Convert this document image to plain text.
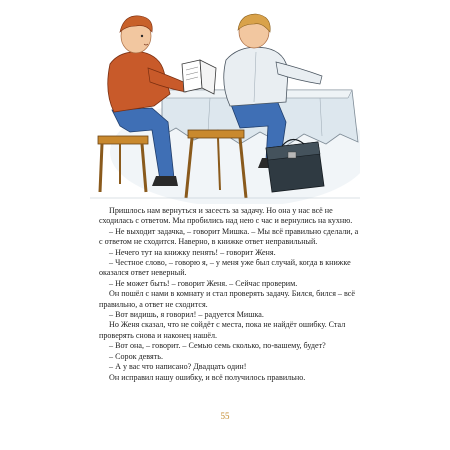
Пришлось нам вернуться и засесть за задачу. Но она у нас всё не сходилась с ответом. Мы пробились над нею с час и вернулись на кухню.

– Не выходит задачка, – говорит Мишка. – Мы всё правильно сделали, а с ответом не сходится. Наверно, в книжке ответ неправильный.

– Нечего тут на книжку пенять! – говорит Женя.

– Честное слово, – говорю я, – у меня уже был случай, когда в книжке оказался ответ неверный.

– Не может быть! – говорит Женя. – Сейчас проверим.

Он пошёл с нами в комнату и стал проверять задачу. Бился, бился – всё правильно, а ответ не сходится.

– Вот видишь, я говорил! – радуется Мишка.

Но Женя сказал, что не сойдёт с места, пока не найдёт ошибку. Стал проверять снова и наконец нашёл.

– Вот она, – говорит. – Семью семь сколько, по-вашему, будет?

– Сорок девять.

– А у вас что написано? Двадцать один!

Он исправил нашу ошибку, и всё получилось правильно.

55
